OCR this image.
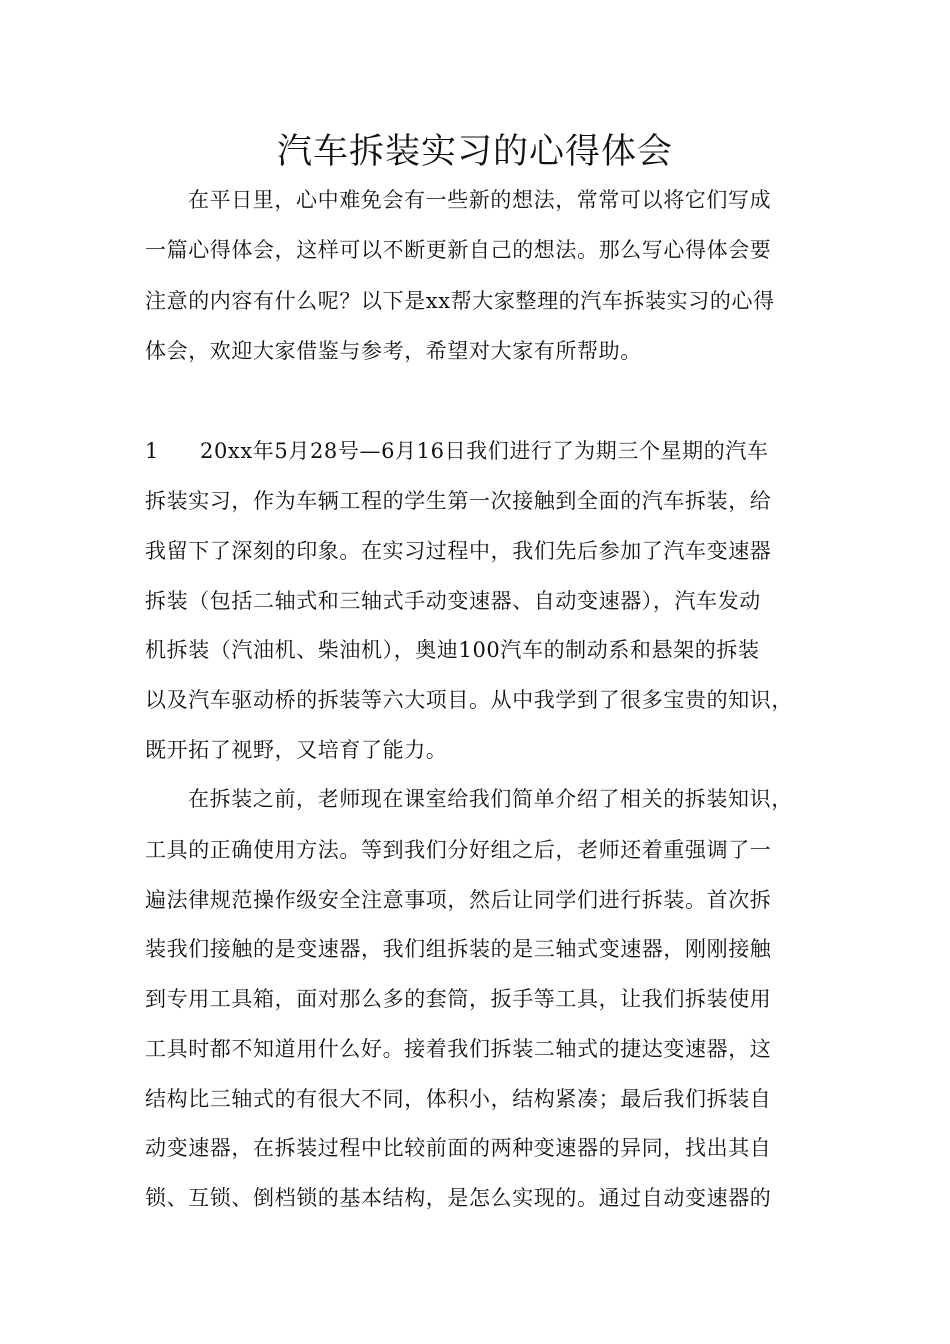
汽车拆装实习的心得体会
在平日里，心中难免会有一些新的想法，常常可以将它们写成
一篇心得体会，这样可以不断更新自己的想法。那么写心得体会要
注意的内容有什么呢？以下是xx帮大家整理的汽车拆装实习的心得
体会，欢迎大家借鉴与参考，希望对大家有所帮助。
1	20xx年5月28号—6月16日我们进行了为期三个星期的汽车
拆装实习，作为车辆工程的学生第一次接触到全面的汽车拆装，给
我留下了深刻的印象。在实习过程中，我们先后参加了汽车变速器
拆装（包括二轴式和三轴式手动变速器、自动变速器），汽车发动
机拆装（汽油机、柴油机），奥迪100汽车的制动系和悬架的拆装
以及汽车驱动桥的拆装等六大项目。从中我学到了很多宝贵的知识，
既开拓了视野，又培育了能力。
在拆装之前，老师现在课室给我们简单介绍了相关的拆装知识，
工具的正确使用方法。等到我们分好组之后，老师还着重强调了一
遍法律规范操作级安全注意事项，然后让同学们进行拆装。首次拆
装我们接触的是变速器，我们组拆装的是三轴式变速器，刚刚接触
到专用工具箱，面对那么多的套筒，扳手等工具，让我们拆装使用
工具时都不知道用什么好。接着我们拆装二轴式的捷达变速器，这
结构比三轴式的有很大不同，体积小，结构紧凑；最后我们拆装自
动变速器，在拆装过程中比较前面的两种变速器的异同，找出其自
锁、互锁、倒档锁的基本结构，是怎么实现的。通过自动变速器的
